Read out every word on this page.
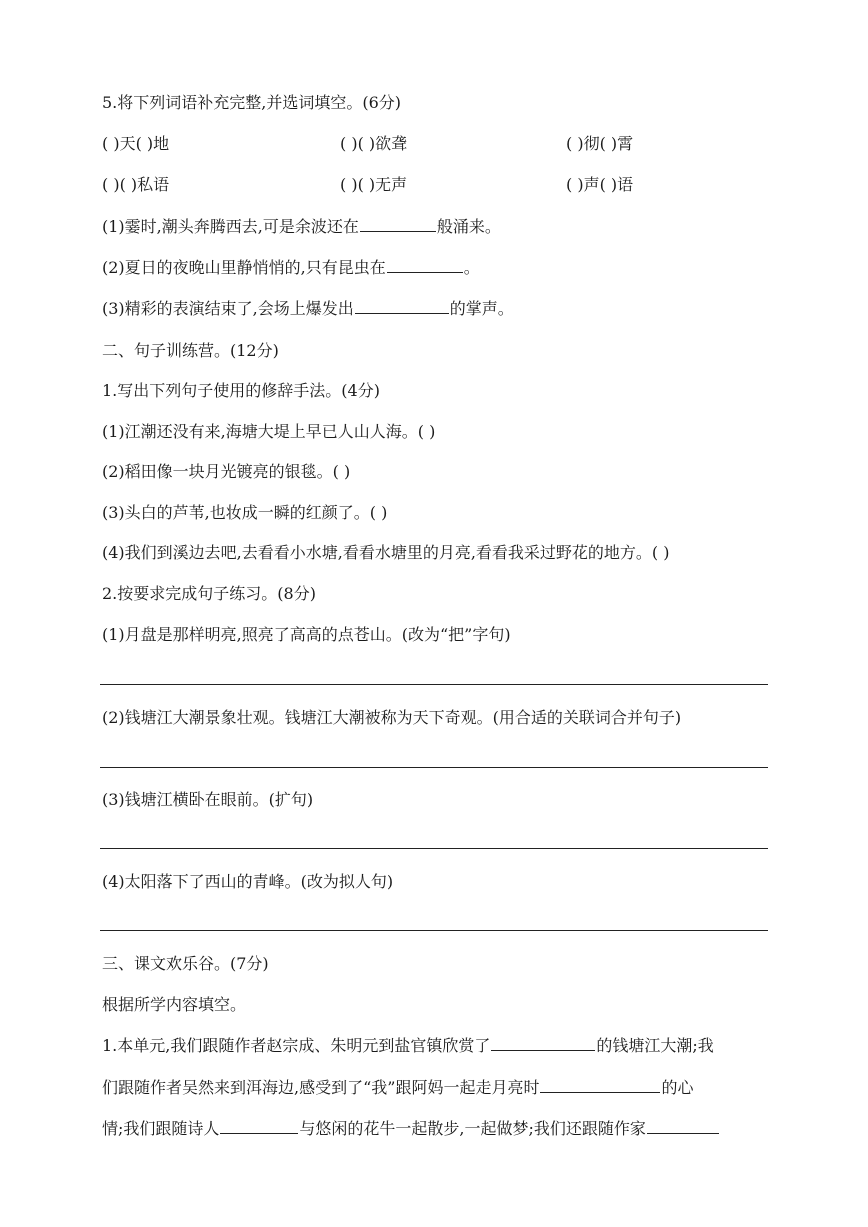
5.将下列词语补充完整,并选词填空。(6分)
( )天( )地	( )( )欲聋	( )彻( )霄
( )( )私语	( )( )无声	( )声( )语
(1)霎时,潮头奔腾西去,可是余波还在	般涌来。
(2)夏日的夜晚山里静悄悄的,只有昆虫在	。
(3)精彩的表演结束了,会场上爆发出	的掌声。
二、句子训练营。(12分)
1.写出下列句子使用的修辞手法。(4分)
(1)江潮还没有来,海塘大堤上早已人山人海。( )
(2)稻田像一块月光镀亮的银毯。( )
(3)头白的芦苇,也妆成一瞬的红颜了。( )
(4)我们到溪边去吧,去看看小水塘,看看水塘里的月亮,看看我采过野花的地方。( )
2.按要求完成句子练习。(8分)
(1)月盘是那样明亮,照亮了高高的点苍山。(改为“把”字句)
(2)钱塘江大潮景象壮观。钱塘江大潮被称为天下奇观。(用合适的关联词合并句子)
(3)钱塘江横卧在眼前。(扩句)
(4)太阳落下了西山的青峰。(改为拟人句)
三、课文欢乐谷。(7分)
根据所学内容填空。
1.本单元,我们跟随作者赵宗成、朱明元到盐官镇欣赏了	的钱塘江大潮;我
们跟随作者吴然来到洱海边,感受到了“我”跟阿妈一起走月亮时	的心
情;我们跟随诗人	与悠闲的花牛一起散步,一起做梦;我们还跟随作家
